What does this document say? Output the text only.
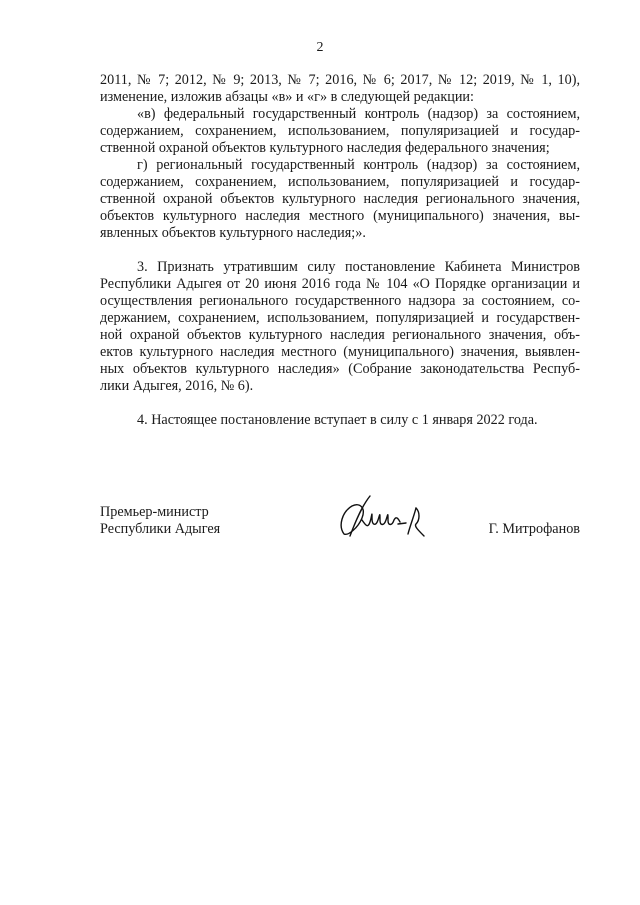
2
2011, № 7; 2012, № 9; 2013, № 7; 2016, № 6; 2017, № 12; 2019, № 1, 10),
изменение, изложив абзацы «в» и «г» в следующей редакции:
«в) федеральный государственный контроль (надзор) за состоянием,
содержанием, сохранением, использованием, популяризацией и государ-
ственной охраной объектов культурного наследия федерального значения;
г) региональный государственный контроль (надзор) за состоянием,
содержанием, сохранением, использованием, популяризацией и государ-
ственной охраной объектов культурного наследия регионального значения,
объектов культурного наследия местного (муниципального) значения, вы-
явленных объектов культурного наследия;».
3. Признать утратившим силу постановление Кабинета Министров
Республики Адыгея от 20 июня 2016 года № 104 «О Порядке организации и
осуществления регионального государственного надзора за состоянием, со-
держанием, сохранением, использованием, популяризацией и государствен-
ной охраной объектов культурного наследия регионального значения, объ-
ектов культурного наследия местного (муниципального) значения, выявлен-
ных объектов культурного наследия» (Собрание законодательства Респуб-
лики Адыгея, 2016, № 6).
4. Настоящее постановление вступает в силу с 1 января 2022 года.
Премьер-министр
Республики Адыгея	Г. Митрофанов
